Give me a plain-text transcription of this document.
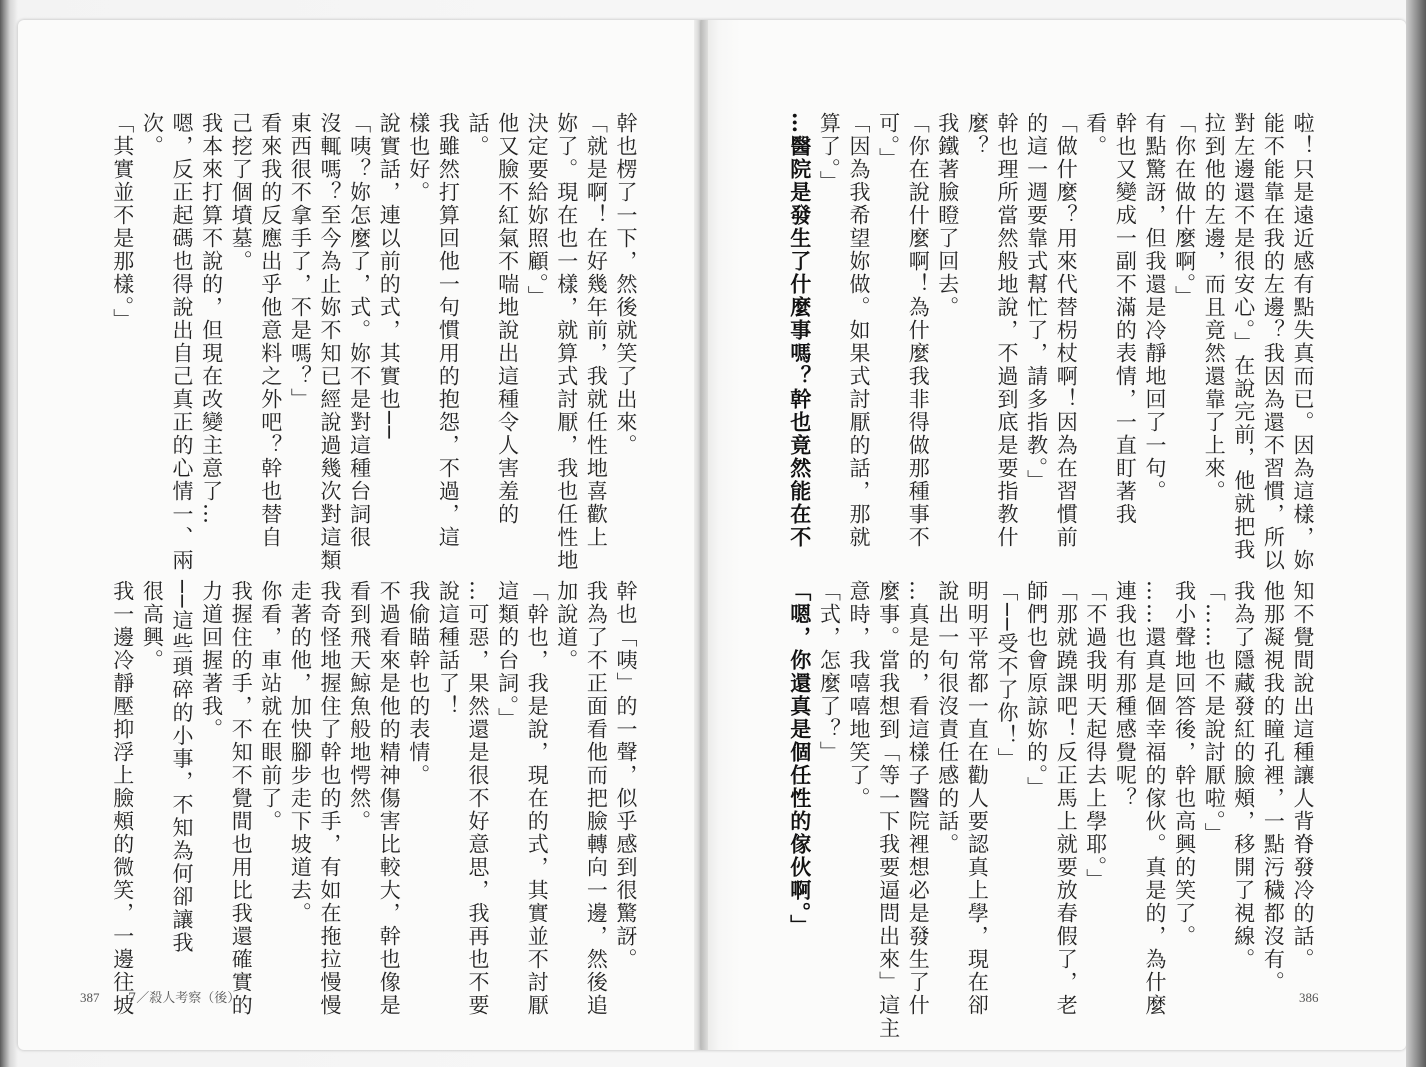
幹也楞了一下，然後就笑了出來。
「就是啊！在好幾年前，我就任性地喜歡上
妳了。現在也一樣，就算式討厭，我也任性地
決定要給妳照顧。」
他又臉不紅氣不喘地說出這種令人害羞的
話。
我雖然打算回他一句慣用的抱怨，不過，這
樣也好。
說實話，連以前的式，其實也──
「咦？妳怎麼了，式。妳不是對這種台詞很
沒輒嗎？至今為止妳不知已經說過幾次對這類
東西很不拿手了，不是嗎？」
看來我的反應出乎他意料之外吧？幹也替自
己挖了個墳墓。
我本來打算不說的，但現在改變主意了…
嗯，反正起碼也得說出自己真正的心情一、兩
次。
「其實並不是那樣。」
幹也「咦」的一聲，似乎感到很驚訝。
我為了不正面看他而把臉轉向一邊，然後追
加說道。
「幹也，我是說，現在的式，其實並不討厭
這類的台詞。」
…可惡，果然還是很不好意思，我再也不要
說這種話了！
我偷瞄幹也的表情。
不過看來是他的精神傷害比較大，幹也像是
看到飛天鯨魚般地愕然。
我奇怪地握住了幹也的手，有如在拖拉慢慢
走著的他，加快腳步走下坡道去。
你看，車站就在眼前了。
我握住的手，不知不覺間也用比我還確實的
力道回握著我。
──這些瑣碎的小事，不知為何卻讓我
很高興。
我一邊冷靜壓抑浮上臉頰的微笑，一邊往坡
387 7／殺人考察（後）
啦！只是遠近感有點失真而已。因為這樣，妳
能不能靠在我的左邊？我因為還不習慣，所以
對左邊還不是很安心。」在說完前，他就把我
拉到他的左邊，而且竟然還靠了上來。
「你在做什麼啊。」
有點驚訝，但我還是冷靜地回了一句。
幹也又變成一副不滿的表情，一直盯著我
看。
「做什麼？用來代替枴杖啊！因為在習慣前
的這一週要靠式幫忙了，請多指教。」
幹也理所當然般地說，不過到底是要指教什
麼？
我鐵著臉瞪了回去。
「你在說什麼啊！為什麼我非得做那種事不
可。」
「因為我希望妳做。如果式討厭的話，那就
算了。」
…醫院是發生了什麼事嗎？幹也竟然能在不
知不覺間說出這種讓人背脊發冷的話。
他那凝視我的瞳孔裡，一點污穢都沒有。
我為了隱藏發紅的臉頰，移開了視線。
「……也不是說討厭啦。」
我小聲地回答後，幹也高興的笑了。
……還真是個幸福的傢伙。真是的，為什麼
連我也有那種感覺呢？
「不過我明天起得去上學耶。」
「那就蹺課吧！反正馬上就要放春假了，老
師們也會原諒妳的。」
「──受不了你！」
明明平常都一直在勸人要認真上學，現在卻
說出一句很沒責任感的話。
…真是的，看這樣子醫院裡想必是發生了什
麼事。當我想到「等一下我要逼問出來」這主
意時，我嘻嘻地笑了。
「式，怎麼了？」
「嗯，你還真是個任性的傢伙啊。」
386
